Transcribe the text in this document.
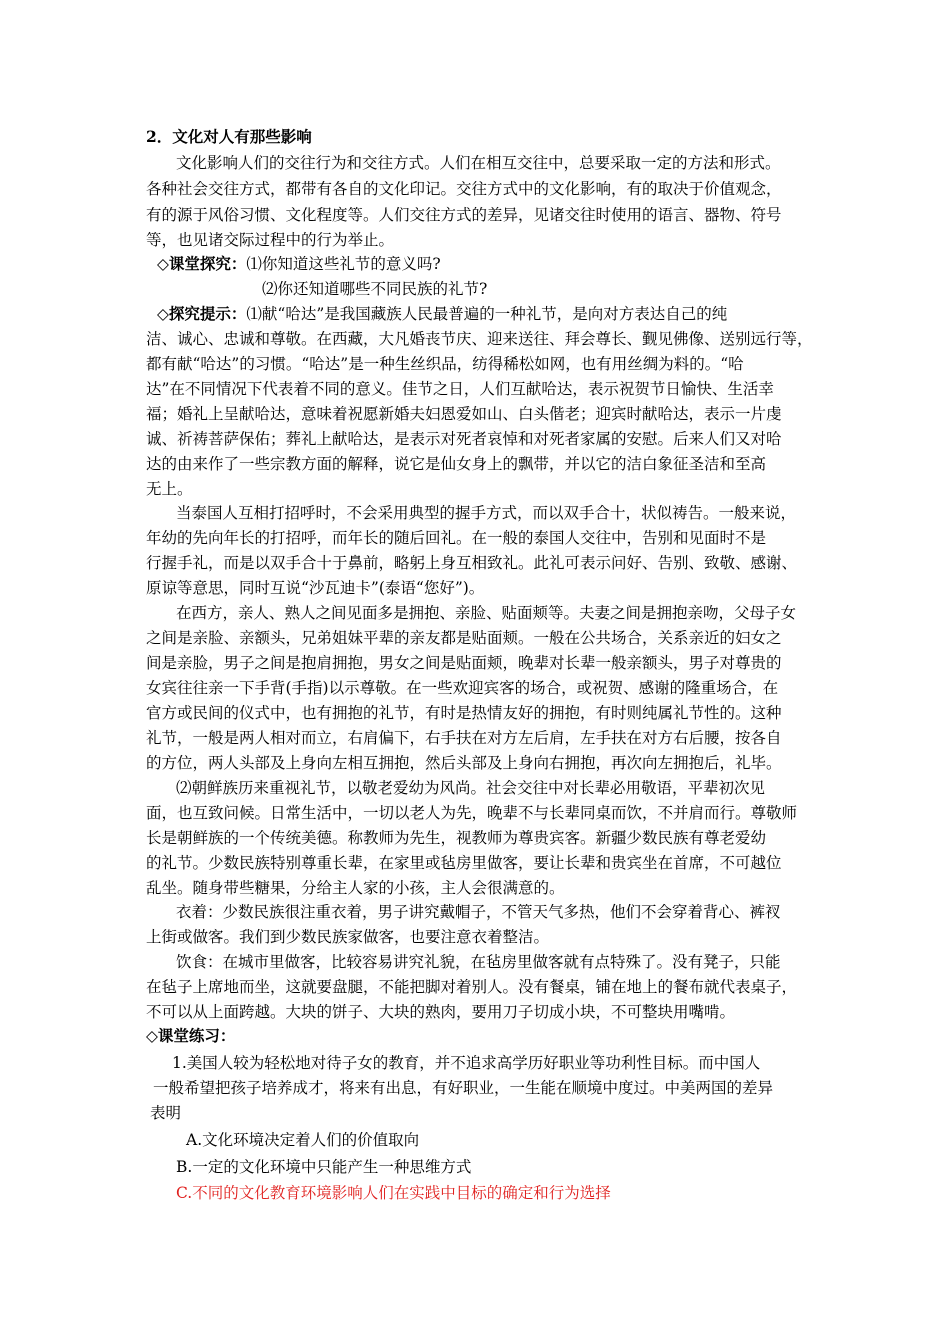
2．文化对人有那些影响
文化影响人们的交往行为和交往方式。人们在相互交往中，总要采取一定的方法和形式。
各种社会交往方式，都带有各自的文化印记。交往方式中的文化影响，有的取决于价值观念，
有的源于风俗习惯、文化程度等。人们交往方式的差异，见诸交往时使用的语言、器物、符号
等，也见诸交际过程中的行为举止。
◇课堂探究：⑴你知道这些礼节的意义吗?
⑵你还知道哪些不同民族的礼节?
◇探究提示：⑴献“哈达”是我国藏族人民最普遍的一种礼节，是向对方表达自己的纯
洁、诚心、忠诚和尊敬。在西藏，大凡婚丧节庆、迎来送往、拜会尊长、觐见佛像、送别远行等，
都有献“哈达”的习惯。“哈达”是一种生丝织品，纺得稀松如网，也有用丝绸为料的。“哈
达”在不同情况下代表着不同的意义。佳节之日，人们互献哈达，表示祝贺节日愉快、生活幸
福；婚礼上呈献哈达，意味着祝愿新婚夫妇恩爱如山、白头偕老；迎宾时献哈达，表示一片虔
诚、祈祷菩萨保佑；葬礼上献哈达，是表示对死者哀悼和对死者家属的安慰。后来人们又对哈
达的由来作了一些宗教方面的解释，说它是仙女身上的飘带，并以它的洁白象征圣洁和至高
无上。
当泰国人互相打招呼时，不会采用典型的握手方式，而以双手合十，状似祷告。一般来说，
年幼的先向年长的打招呼，而年长的随后回礼。在一般的泰国人交往中，告别和见面时不是
行握手礼，而是以双手合十于鼻前，略躬上身互相致礼。此礼可表示问好、告别、致敬、感谢、
原谅等意思，同时互说“沙瓦迪卡”(泰语“您好”)。
在西方，亲人、熟人之间见面多是拥抱、亲脸、贴面颊等。夫妻之间是拥抱亲吻，父母子女
之间是亲脸、亲额头，兄弟姐妹平辈的亲友都是贴面颊。一般在公共场合，关系亲近的妇女之
间是亲脸，男子之间是抱肩拥抱，男女之间是贴面颊，晚辈对长辈一般亲额头，男子对尊贵的
女宾往往亲一下手背(手指)以示尊敬。在一些欢迎宾客的场合，或祝贺、感谢的隆重场合，在
官方或民间的仪式中，也有拥抱的礼节，有时是热情友好的拥抱，有时则纯属礼节性的。这种
礼节，一般是两人相对而立，右肩偏下，右手扶在对方左后肩，左手扶在对方右后腰，按各自
的方位，两人头部及上身向左相互拥抱，然后头部及上身向右拥抱，再次向左拥抱后，礼毕。
⑵朝鲜族历来重视礼节，以敬老爱幼为风尚。社会交往中对长辈必用敬语，平辈初次见
面，也互致问候。日常生活中，一切以老人为先，晚辈不与长辈同桌而饮，不并肩而行。尊敬师
长是朝鲜族的一个传统美德。称教师为先生，视教师为尊贵宾客。新疆少数民族有尊老爱幼
的礼节。少数民族特别尊重长辈，在家里或毡房里做客，要让长辈和贵宾坐在首席，不可越位
乱坐。随身带些糖果，分给主人家的小孩，主人会很满意的。
衣着：少数民族很注重衣着，男子讲究戴帽子，不管天气多热，他们不会穿着背心、裤衩
上街或做客。我们到少数民族家做客，也要注意衣着整洁。
饮食：在城市里做客，比较容易讲究礼貌，在毡房里做客就有点特殊了。没有凳子，只能
在毡子上席地而坐，这就要盘腿，不能把脚对着别人。没有餐桌，铺在地上的餐布就代表桌子，
不可以从上面跨越。大块的饼子、大块的熟肉，要用刀子切成小块，不可整块用嘴啃。
◇课堂练习：
1.美国人较为轻松地对待子女的教育，并不追求高学历好职业等功利性目标。而中国人
一般希望把孩子培养成才，将来有出息，有好职业，一生能在顺境中度过。中美两国的差异
表明
A.文化环境决定着人们的价值取向
B.一定的文化环境中只能产生一种思维方式
C.不同的文化教育环境影响人们在实践中目标的确定和行为选择
